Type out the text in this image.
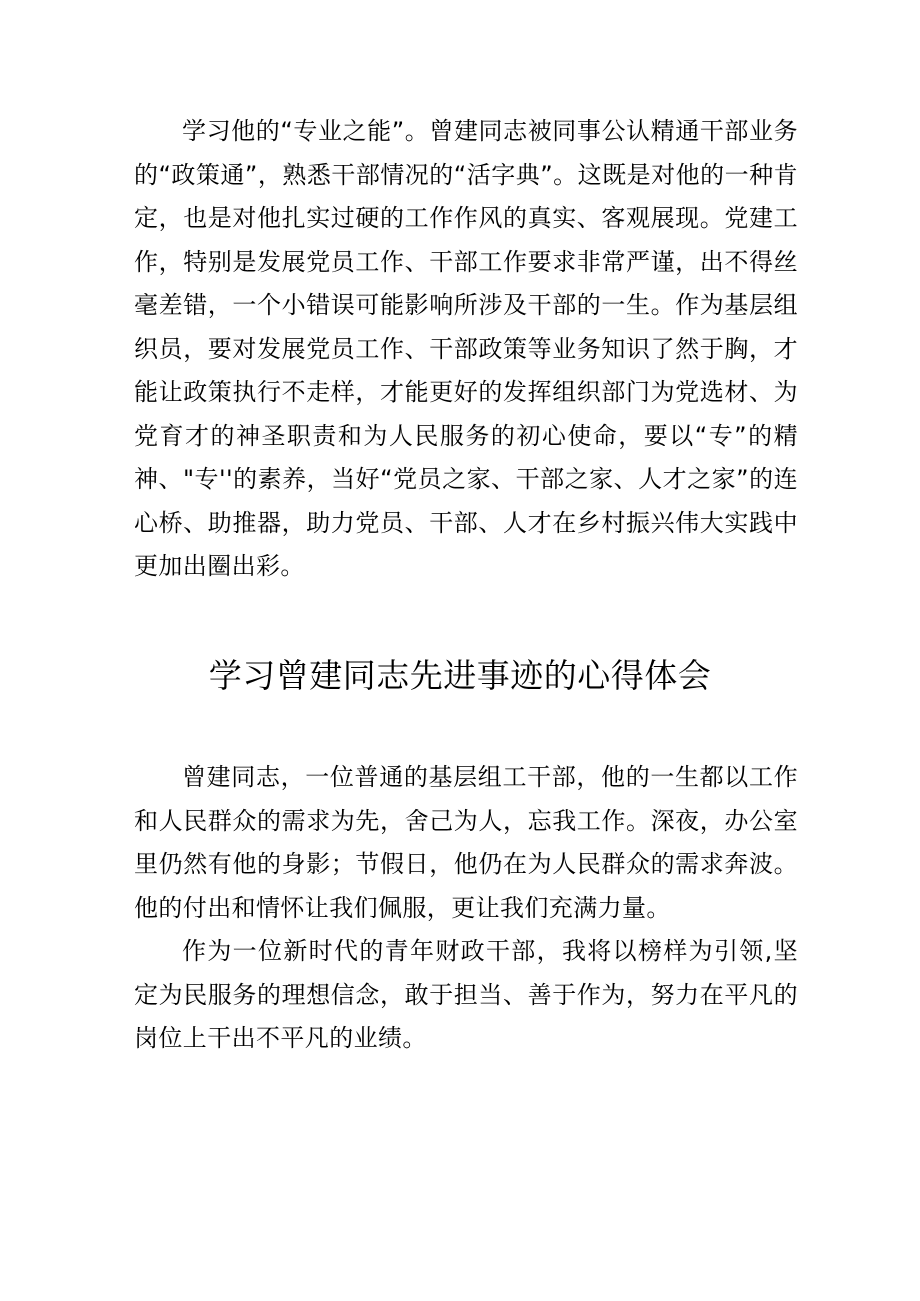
学习他的“专业之能”。曾建同志被同事公认精通干部业务的“政策通”，熟悉干部情况的“活字典”。这既是对他的一种肯定，也是对他扎实过硬的工作作风的真实、客观展现。党建工作，特别是发展党员工作、干部工作要求非常严谨，出不得丝毫差错，一个小错误可能影响所涉及干部的一生。作为基层组织员，要对发展党员工作、干部政策等业务知识了然于胸，才能让政策执行不走样，才能更好的发挥组织部门为党选材、为党育才的神圣职责和为人民服务的初心使命，要以“专”的精神、"专''的素养，当好“党员之家、干部之家、人才之家”的连心桥、助推器，助力党员、干部、人才在乡村振兴伟大实践中更加出圈出彩。

学习曾建同志先进事迹的心得体会

曾建同志，一位普通的基层组工干部，他的一生都以工作和人民群众的需求为先，舍己为人，忘我工作。深夜，办公室里仍然有他的身影；节假日，他仍在为人民群众的需求奔波。他的付出和情怀让我们佩服，更让我们充满力量。

作为一位新时代的青年财政干部，我将以榜样为引领,坚定为民服务的理想信念，敢于担当、善于作为，努力在平凡的岗位上干出不平凡的业绩。
